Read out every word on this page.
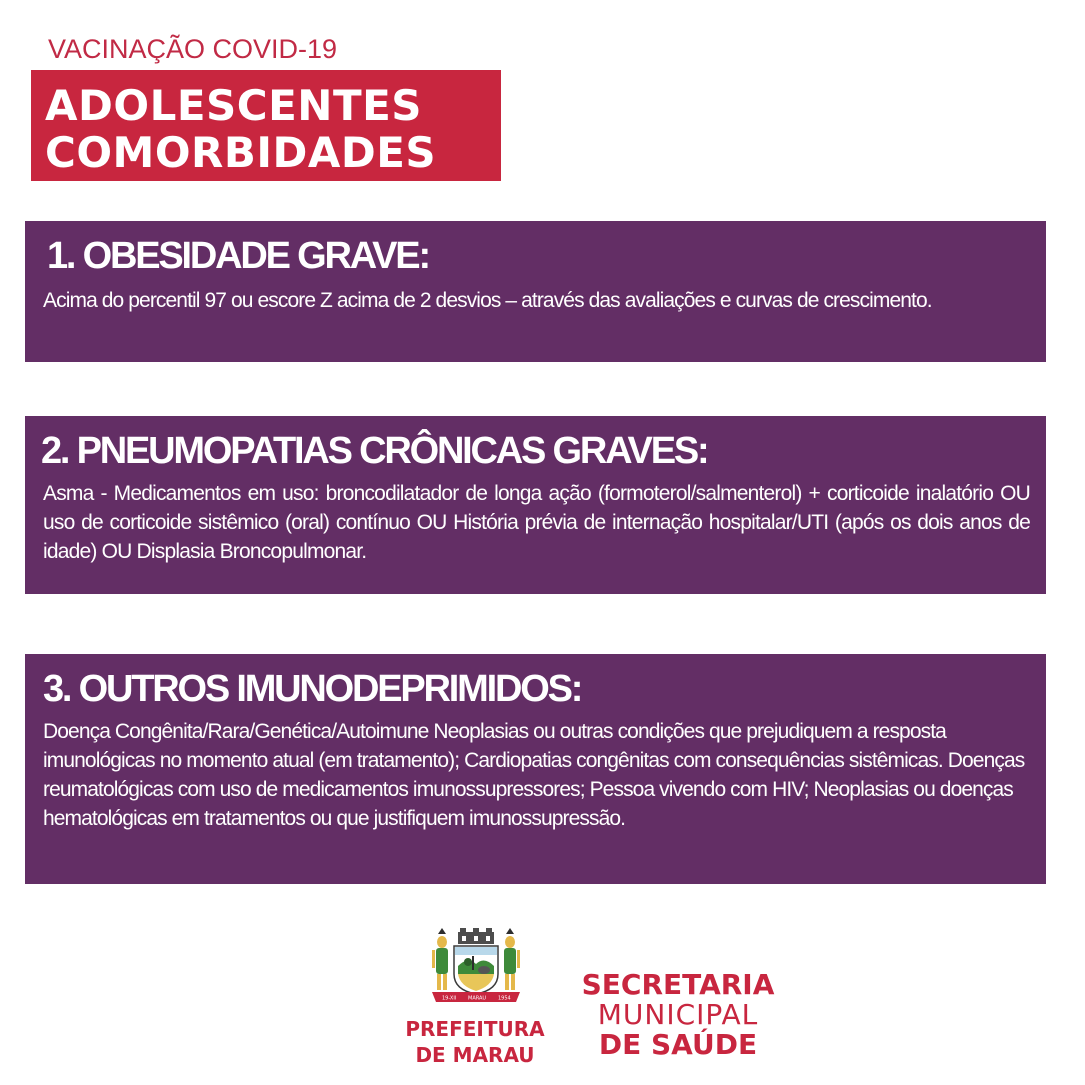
VACINAÇÃO COVID-19
ADOLESCENTES
COMORBIDADES
1. OBESIDADE GRAVE:

Acima do percentil 97 ou escore Z acima de 2 desvios – através das avaliações e curvas de crescimento.

2. PNEUMOPATIAS CRÔNICAS GRAVES:

Asma - Medicamentos em uso: broncodilatador de longa ação (formoterol/salmenterol) + corticoide inalatório OU uso de corticoide sistêmico (oral) contínuo OU História prévia de internação hospitalar/UTI (após os dois anos de idade) OU Displasia Broncopulmonar.

3. OUTROS IMUNODEPRIMIDOS:

Doença Congênita/Rara/Genética/Autoimune Neoplasias ou outras condições que prejudiquem a resposta imunológicas no momento atual (em tratamento); Cardiopatias congênitas com consequências sistêmicas. Doenças reumatológicas com uso de medicamentos imunossupressores; Pessoa vivendo com HIV; Neoplasias ou doenças hematológicas em tratamentos ou que justifiquem imunossupressão.

19-XII MARAU 1954
PREFEITURA
DE MARAU
SECRETARIA
MUNICIPAL
DE SAÚDE
